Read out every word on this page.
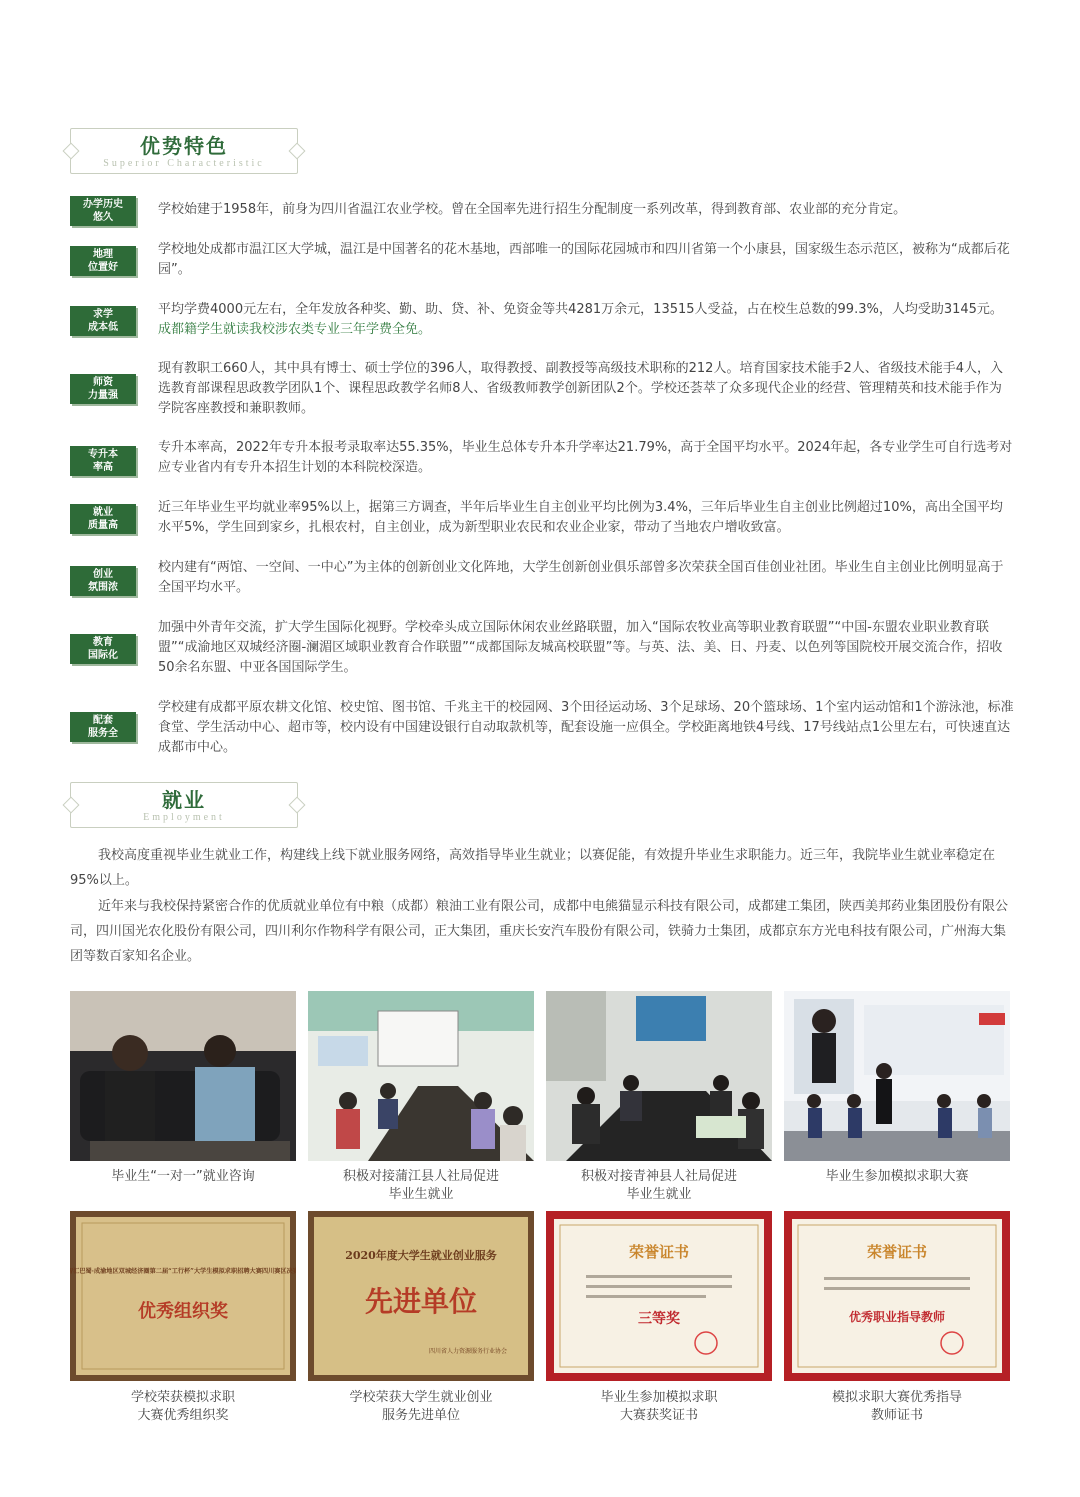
优势特色
Superior Characteristic
办学历史
悠久
学校始建于1958年，前身为四川省温江农业学校。曾在全国率先进行招生分配制度一系列改革，得到教育部、农业部的充分肯定。
地理
位置好
学校地处成都市温江区大学城，温江是中国著名的花木基地，西部唯一的国际花园城市和四川省第一个小康县，国家级生态示范区，被称为“成都后花园”。
求学
成本低
平均学费4000元左右，全年发放各种奖、勤、助、贷、补、免资金等共4281万余元，13515人受益，占在校生总数的99.3%，人均受助3145元。
成都籍学生就读我校涉农类专业三年学费全免。
师资
力量强
现有教职工660人，其中具有博士、硕士学位的396人，取得教授、副教授等高级技术职称的212人。培育国家技术能手2人、省级技术能手4人，入选教育部课程思政教学团队1个、课程思政教学名师8人、省级教师教学创新团队2个。学校还荟萃了众多现代企业的经营、管理精英和技术能手作为学院客座教授和兼职教师。
专升本
率高
专升本率高，2022年专升本报考录取率达55.35%，毕业生总体专升本升学率达21.79%，高于全国平均水平。2024年起，各专业学生可自行选考对应专业省内有专升本招生计划的本科院校深造。
就业
质量高
近三年毕业生平均就业率95%以上，据第三方调查，半年后毕业生自主创业平均比例为3.4%，三年后毕业生自主创业比例超过10%，高出全国平均水平5%，学生回到家乡，扎根农村，自主创业，成为新型职业农民和农业企业家，带动了当地农户增收致富。
创业
氛围浓
校内建有“两馆、一空间、一中心”为主体的创新创业文化阵地，大学生创新创业俱乐部曾多次荣获全国百佳创业社团。毕业生自主创业比例明显高于全国平均水平。
教育
国际化
加强中外青年交流，扩大学生国际化视野。学校牵头成立国际休闲农业丝路联盟，加入“国际农牧业高等职业教育联盟”“中国-东盟农业职业教育联盟”“成渝地区双城经济圈-澜湄区域职业教育合作联盟”“成都国际友城高校联盟”等。与英、法、美、日、丹麦、以色列等国院校开展交流合作，招收50余名东盟、中亚各国国际学生。
配套
服务全
学校建有成都平原农耕文化馆、校史馆、图书馆、千兆主干的校园网、3个田径运动场、3个足球场、20个篮球场、1个室内运动馆和1个游泳池，标准食堂、学生活动中心、超市等，校内设有中国建设银行自动取款机等，配套设施一应俱全。学校距离地铁4号线、17号线站点1公里左右，可快速直达成都市中心。
就业
Employment
我校高度重视毕业生就业工作，构建线上线下就业服务网络，高效指导毕业生就业；以赛促能，有效提升毕业生求职能力。近三年，我院毕业生就业率稳定在95%以上。
近年来与我校保持紧密合作的优质就业单位有中粮（成都）粮油工业有限公司，成都中电熊猫显示科技有限公司，成都建工集团，陕西美邦药业集团股份有限公司，四川国光农化股份有限公司，四川利尔作物科学有限公司，正大集团，重庆长安汽车股份有限公司，铁骑力士集团，成都京东方光电科技有限公司，广州海大集团等数百家知名企业。
毕业生“一对一”就业咨询	积极对接蒲江县人社局促进
毕业生就业
积极对接青神县人社局促进
毕业生就业
毕业生参加模拟求职大赛
智汇巴蜀·成渝地区双城经济圈第二届“工行杯”大学生模拟求职招聘大赛四川赛区决赛
优秀组织奖
2020年度大学生就业创业服务
先进单位
四川省人力资源服务行业协会
荣誉证书
三等奖
荣誉证书
优秀职业指导教师
学校荣获模拟求职
大赛优秀组织奖
学校荣获大学生就业创业
服务先进单位
毕业生参加模拟求职
大赛获奖证书
模拟求职大赛优秀指导
教师证书
